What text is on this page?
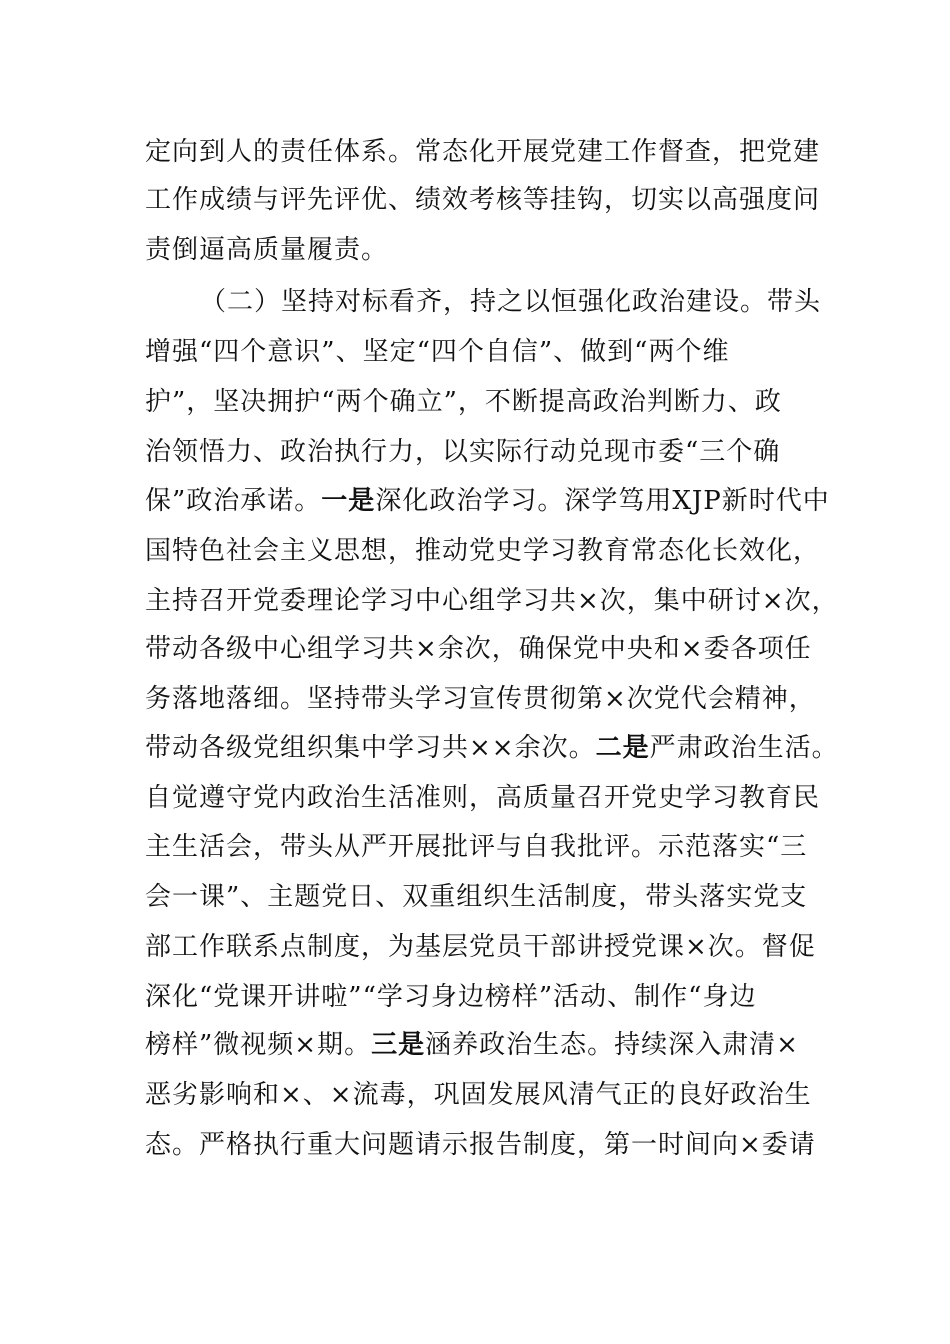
定向到人的责任体系。常态化开展党建工作督查，把党建
工作成绩与评先评优、绩效考核等挂钩，切实以高强度问
责倒逼高质量履责。
（二）坚持对标看齐，持之以恒强化政治建设。带头
增强“四个意识”、坚定“四个自信”、做到“两个维
护”，坚决拥护“两个确立”，不断提高政治判断力、政
治领悟力、政治执行力，以实际行动兑现市委“三个确
保”政治承诺。一是深化政治学习。深学笃用XJP新时代中
国特色社会主义思想，推动党史学习教育常态化长效化，
主持召开党委理论学习中心组学习共×次，集中研讨×次，
带动各级中心组学习共×余次，确保党中央和×委各项任
务落地落细。坚持带头学习宣传贯彻第×次党代会精神，
带动各级党组织集中学习共××余次。二是严肃政治生活。
自觉遵守党内政治生活准则，高质量召开党史学习教育民
主生活会，带头从严开展批评与自我批评。示范落实“三
会一课”、主题党日、双重组织生活制度，带头落实党支
部工作联系点制度，为基层党员干部讲授党课×次。督促
深化“党课开讲啦”“学习身边榜样”活动、制作“身边
榜样”微视频×期。三是涵养政治生态。持续深入肃清×
恶劣影响和×、×流毒，巩固发展风清气正的良好政治生
态。严格执行重大问题请示报告制度，第一时间向×委请
